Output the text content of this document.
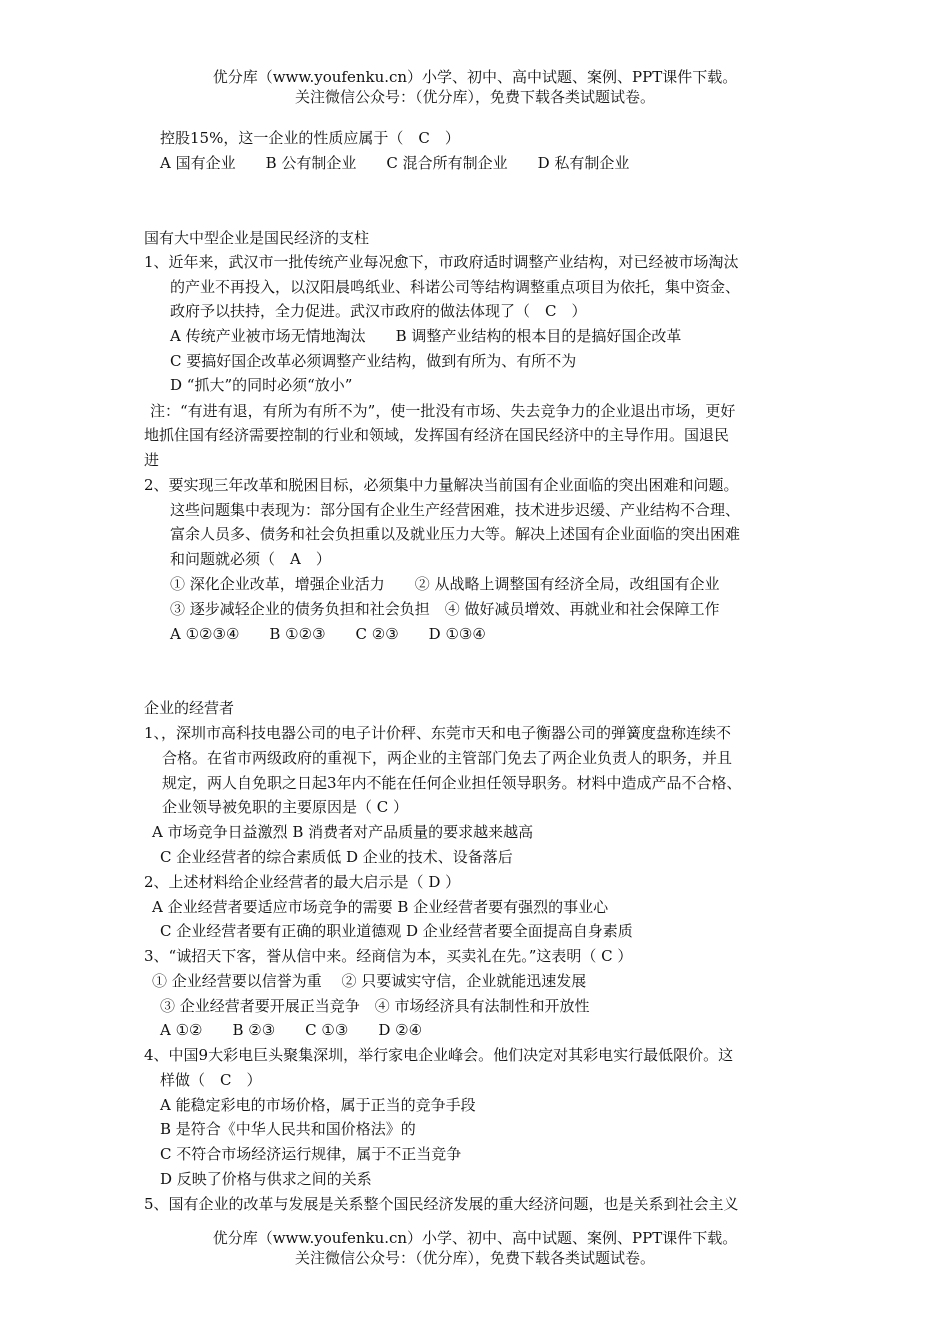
优分库（www.youfenku.cn）小学、初中、高中试题、案例、PPT课件下载。
关注微信公众号：（优分库），免费下载各类试题试卷。
控股15%，这一企业的性质应属于（　C　）
A 国有企业　　B 公有制企业　　C 混合所有制企业　　D 私有制企业
国有大中型企业是国民经济的支柱
1、近年来，武汉市一批传统产业每况愈下，市政府适时调整产业结构，对已经被市场淘汰
的产业不再投入，以汉阳晨鸣纸业、科诺公司等结构调整重点项目为依托，集中资金、
政府予以扶持，全力促进。武汉市政府的做法体现了（　C　）
A 传统产业被市场无情地淘汰　　B 调整产业结构的根本目的是搞好国企改革
C 要搞好国企改革必须调整产业结构，做到有所为、有所不为
D “抓大”的同时必须“放小”
注：“有进有退，有所为有所不为”，使一批没有市场、失去竞争力的企业退出市场，更好
地抓住国有经济需要控制的行业和领域，发挥国有经济在国民经济中的主导作用。国退民
进
2、要实现三年改革和脱困目标，必须集中力量解决当前国有企业面临的突出困难和问题。
这些问题集中表现为：部分国有企业生产经营困难，技术进步迟缓、产业结构不合理、
富余人员多、债务和社会负担重以及就业压力大等。解决上述国有企业面临的突出困难
和问题就必须（　A　）
① 深化企业改革，增强企业活力　　② 从战略上调整国有经济全局，改组国有企业
③ 逐步减轻企业的债务负担和社会负担　④ 做好减员增效、再就业和社会保障工作
A ①②③④　　B ①②③　　C ②③　　D ①③④
企业的经营者
1、，深圳市高科技电器公司的电子计价秤、东莞市天和电子衡器公司的弹簧度盘称连续不
合格。在省市两级政府的重视下，两企业的主管部门免去了两企业负责人的职务，并且
规定，两人自免职之日起3年内不能在任何企业担任领导职务。材料中造成产品不合格、
企业领导被免职的主要原因是（ C ）
A 市场竞争日益激烈 B 消费者对产品质量的要求越来越高
C 企业经营者的综合素质低 D 企业的技术、设备落后
2、上述材料给企业经营者的最大启示是（ D ）
A 企业经营者要适应市场竞争的需要 B 企业经营者要有强烈的事业心
C 企业经营者要有正确的职业道德观 D 企业经营者要全面提高自身素质
3、“诚招天下客，誉从信中来。经商信为本，买卖礼在先。”这表明（ C ）
① 企业经营要以信誉为重　 ② 只要诚实守信，企业就能迅速发展
③ 企业经营者要开展正当竞争　④ 市场经济具有法制性和开放性
A ①②　　B ②③　　C ①③　　D ②④
4、中国9大彩电巨头聚集深圳，举行家电企业峰会。他们决定对其彩电实行最低限价。这
样做（　C　）
A 能稳定彩电的市场价格，属于正当的竞争手段
B 是符合《中华人民共和国价格法》的
C 不符合市场经济运行规律，属于不正当竞争
D 反映了价格与供求之间的关系
5、国有企业的改革与发展是关系整个国民经济发展的重大经济问题，也是关系到社会主义
优分库（www.youfenku.cn）小学、初中、高中试题、案例、PPT课件下载。
关注微信公众号：（优分库），免费下载各类试题试卷。
